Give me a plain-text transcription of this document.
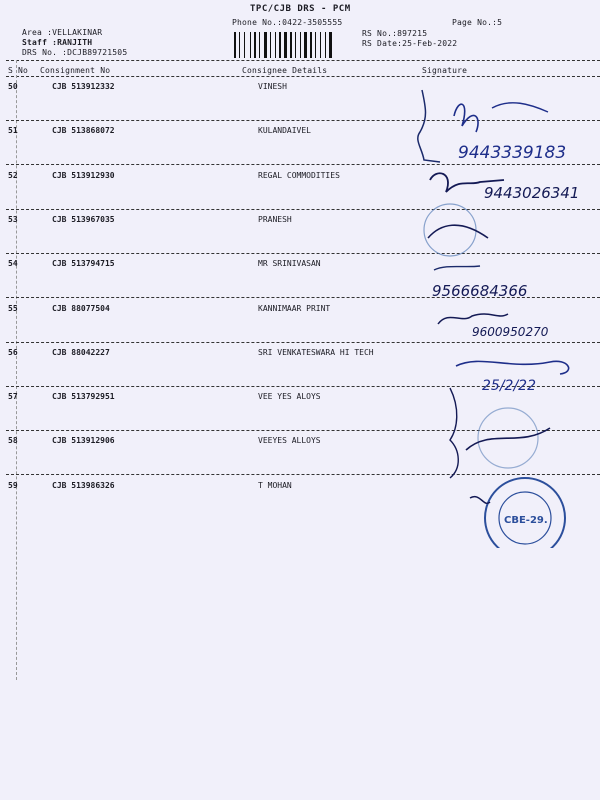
TPC/CJB DRS - PCM
Phone No.:0422-3505555	Page No.:5
Area :VELLAKINAR
Staff :RANJITH
DRS No. :DCJB89721505
RS No.:897215
RS Date:25-Feb-2022
S No Consignment No	Consignee Details	Signature
50	CJB 513912332	VINESH
51	CJB 513868072	KULANDAIVEL
52	CJB 513912930	REGAL COMMODITIES
53	CJB 513967035	PRANESH
54	CJB 513794715	MR SRINIVASAN
55	CJB 88077504	KANNIMAAR PRINT
56	CJB 88042227	SRI VENKATESWARA HI TECH
57	CJB 513792951	VEE YES ALOYS
58	CJB 513912906	VEEYES ALLOYS
59	CJB 513986326	T MOHAN
9443339183
9443026341
9566684366
9600950270
25/2/22
CBE-29.
